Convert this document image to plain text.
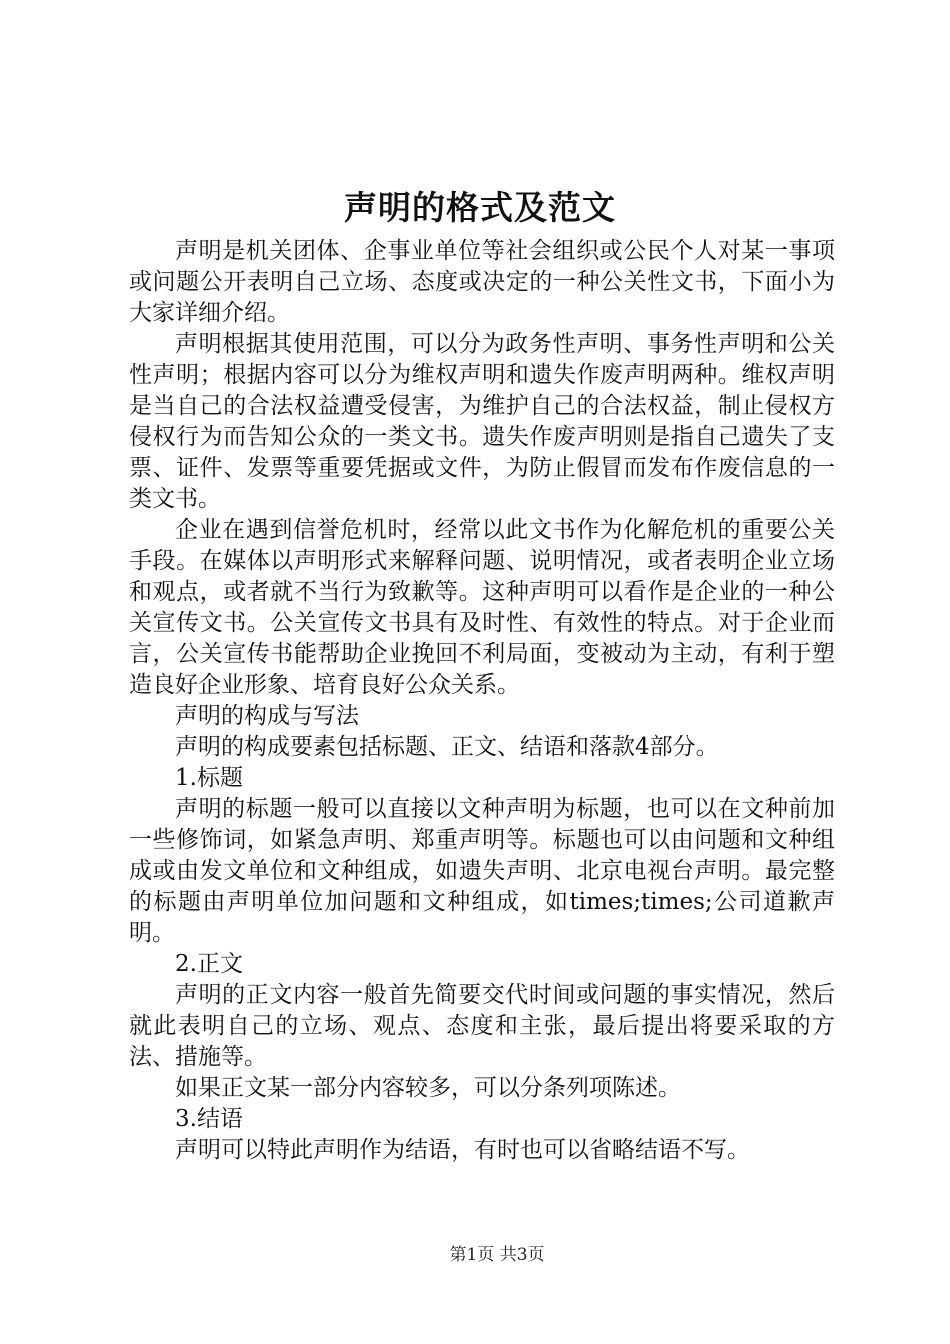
声明的格式及范文

声明是机关团体、企事业单位等社会组织或公民个人对某一事项或问题公开表明自己立场、态度或决定的一种公关性文书，下面小为大家详细介绍。

声明根据其使用范围，可以分为政务性声明、事务性声明和公关性声明；根据内容可以分为维权声明和遗失作废声明两种。维权声明是当自己的合法权益遭受侵害，为维护自己的合法权益，制止侵权方侵权行为而告知公众的一类文书。遗失作废声明则是指自己遗失了支票、证件、发票等重要凭据或文件，为防止假冒而发布作废信息的一类文书。

企业在遇到信誉危机时，经常以此文书作为化解危机的重要公关手段。在媒体以声明形式来解释问题、说明情况，或者表明企业立场和观点，或者就不当行为致歉等。这种声明可以看作是企业的一种公关宣传文书。公关宣传文书具有及时性、有效性的特点。对于企业而言，公关宣传书能帮助企业挽回不利局面，变被动为主动，有利于塑造良好企业形象、培育良好公众关系。

声明的构成与写法

声明的构成要素包括标题、正文、结语和落款4部分。

1.标题

声明的标题一般可以直接以文种声明为标题，也可以在文种前加一些修饰词，如紧急声明、郑重声明等。标题也可以由问题和文种组成或由发文单位和文种组成，如遗失声明、北京电视台声明。最完整的标题由声明单位加问题和文种组成，如times;times;公司道歉声明。

2.正文

声明的正文内容一般首先简要交代时间或问题的事实情况，然后就此表明自己的立场、观点、态度和主张，最后提出将要采取的方法、措施等。

如果正文某一部分内容较多，可以分条列项陈述。

3.结语

声明可以特此声明作为结语，有时也可以省略结语不写。

第1页 共3页
